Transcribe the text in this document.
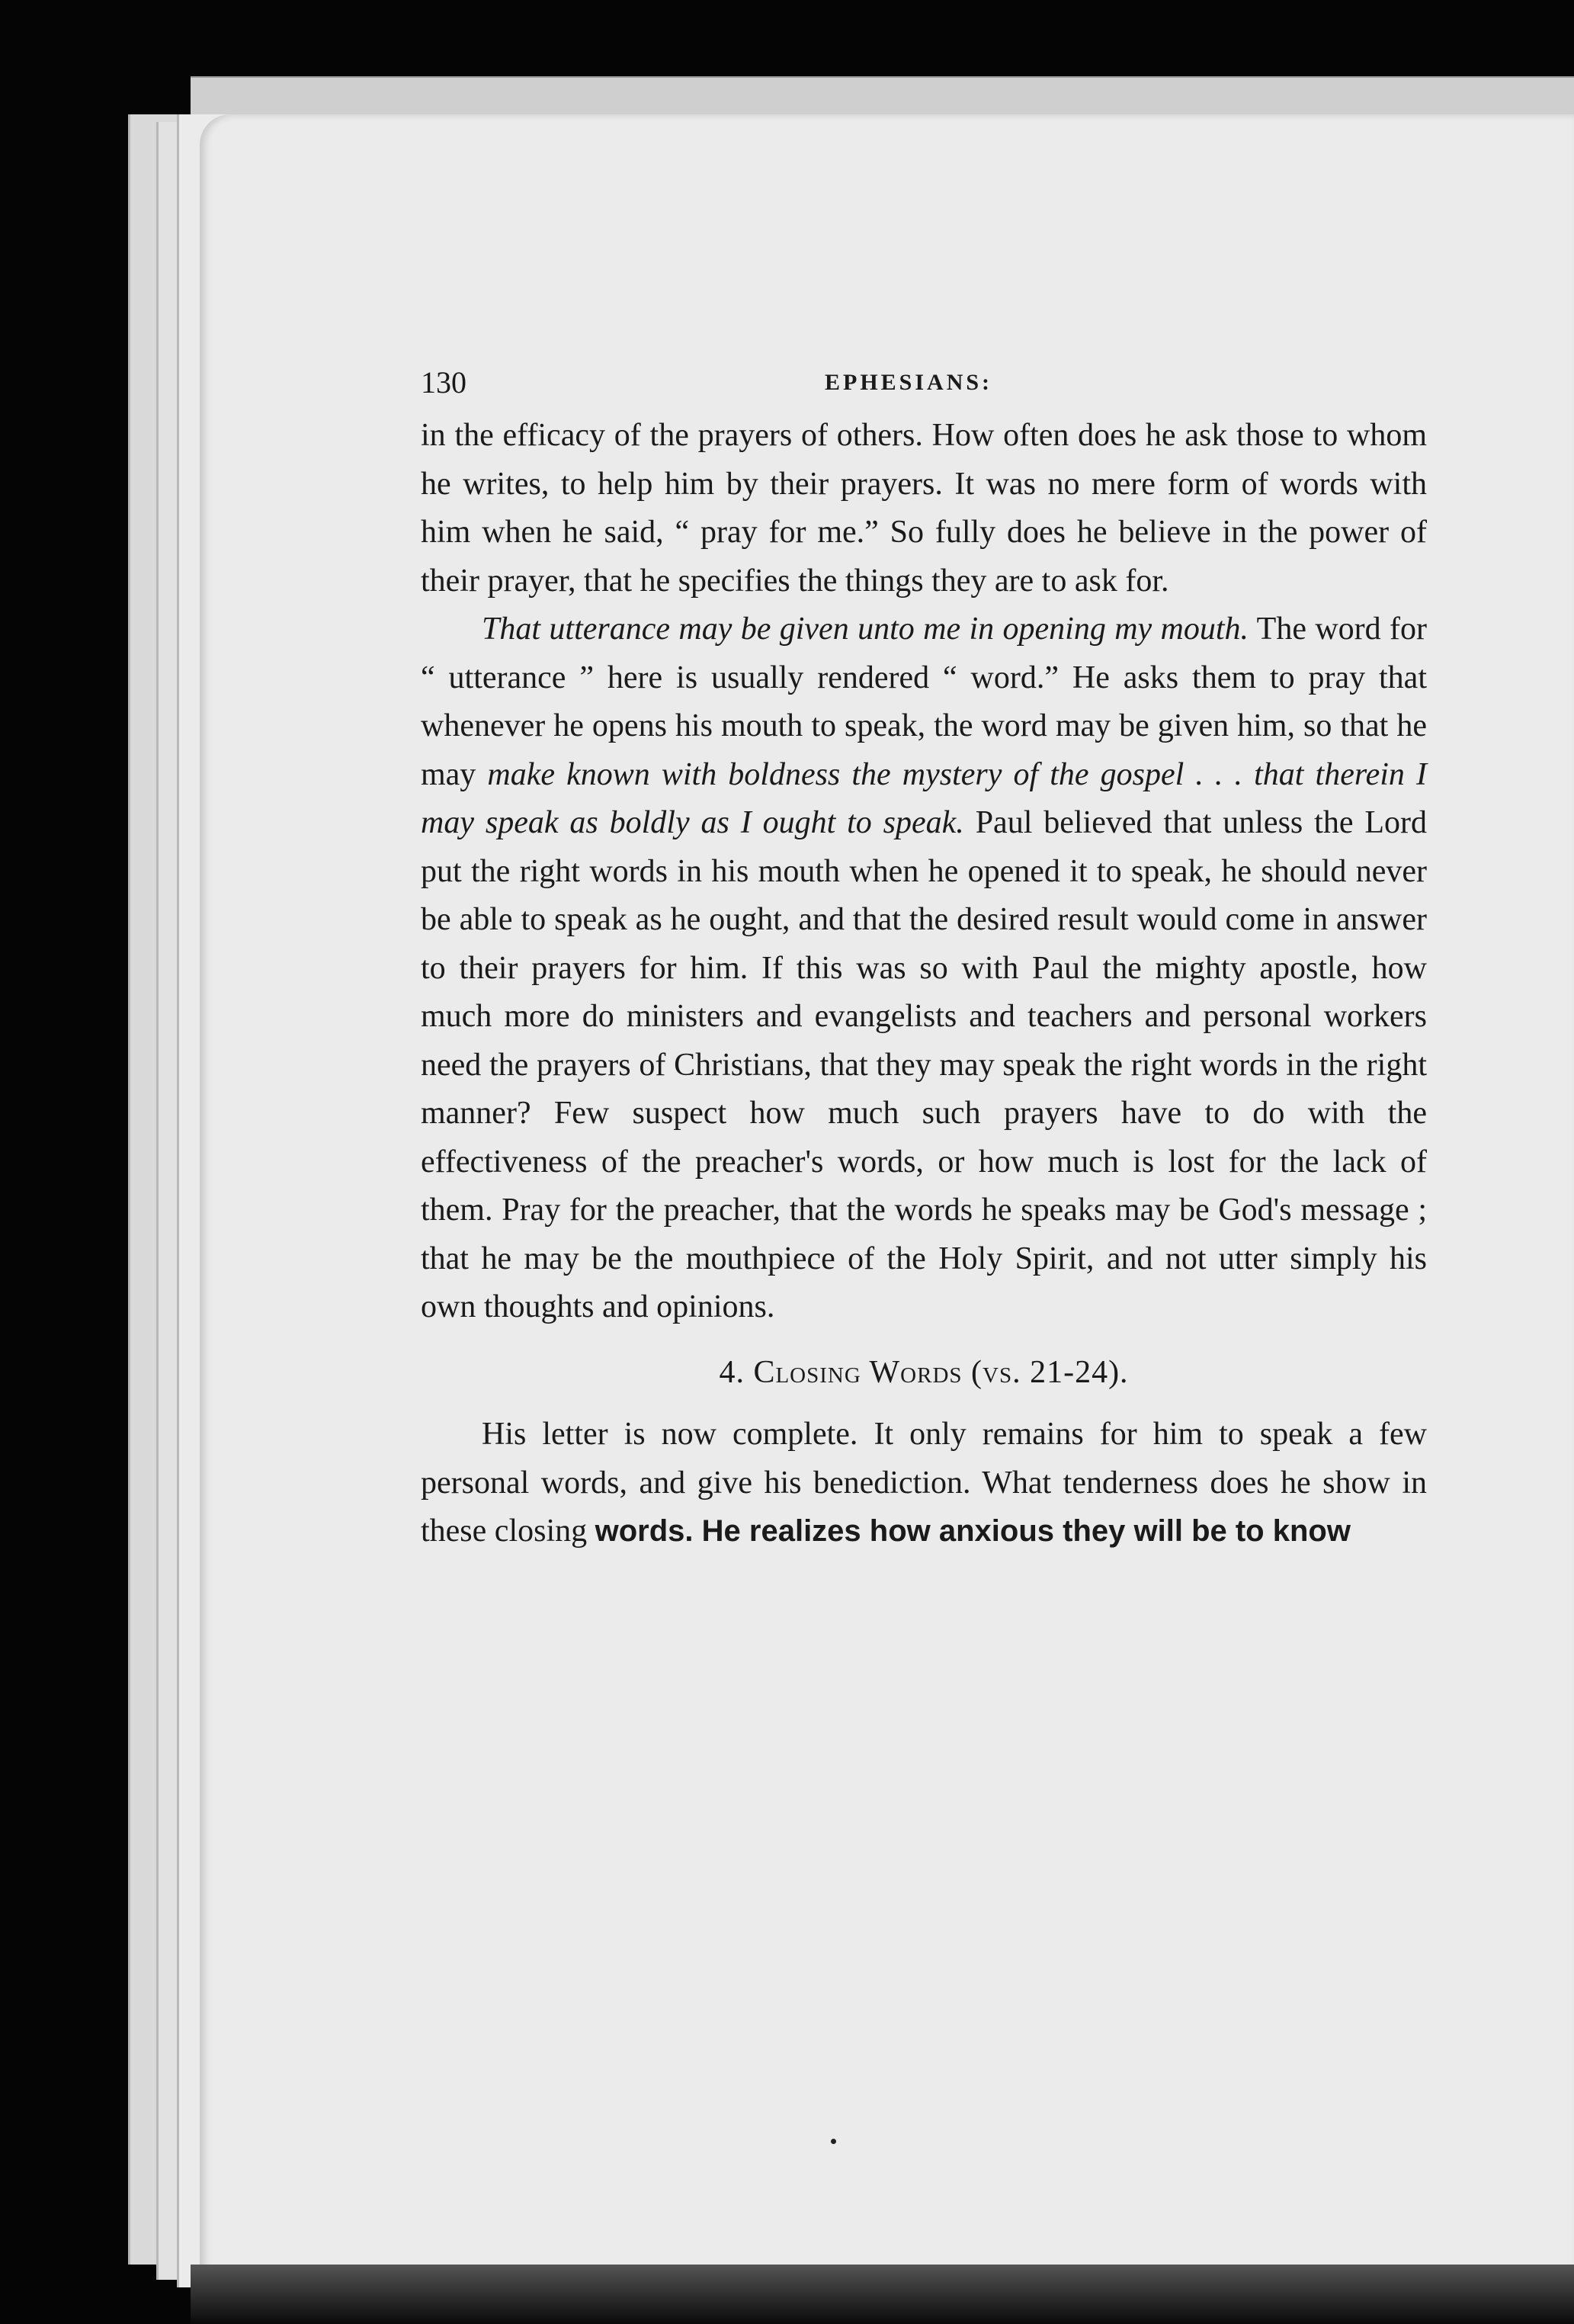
130	EPHESIANS:

in the efficacy of the prayers of others. How often does he ask those to whom he writes, to help him by their prayers. It was no mere form of words with him when he said, “ pray for me.” So fully does he believe in the power of their prayer, that he specifies the things they are to ask for.

That utterance may be given unto me in opening my mouth. The word for “ utterance ” here is usually rendered “ word.” He asks them to pray that whenever he opens his mouth to speak, the word may be given him, so that he may make known with boldness the mystery of the gospel . . . that therein I may speak as boldly as I ought to speak. Paul believed that unless the Lord put the right words in his mouth when he opened it to speak, he should never be able to speak as he ought, and that the desired result would come in answer to their prayers for him. If this was so with Paul the mighty apostle, how much more do ministers and evangelists and teachers and personal workers need the prayers of Christians, that they may speak the right words in the right manner? Few suspect how much such prayers have to do with the effectiveness of the preacher's words, or how much is lost for the lack of them. Pray for the preacher, that the words he speaks may be God's message ; that he may be the mouthpiece of the Holy Spirit, and not utter simply his own thoughts and opinions.

4. Closing Words (vs. 21-24).

His letter is now complete. It only remains for him to speak a few personal words, and give his benediction. What tenderness does he show in these closing words. He realizes how anxious they will be to know
